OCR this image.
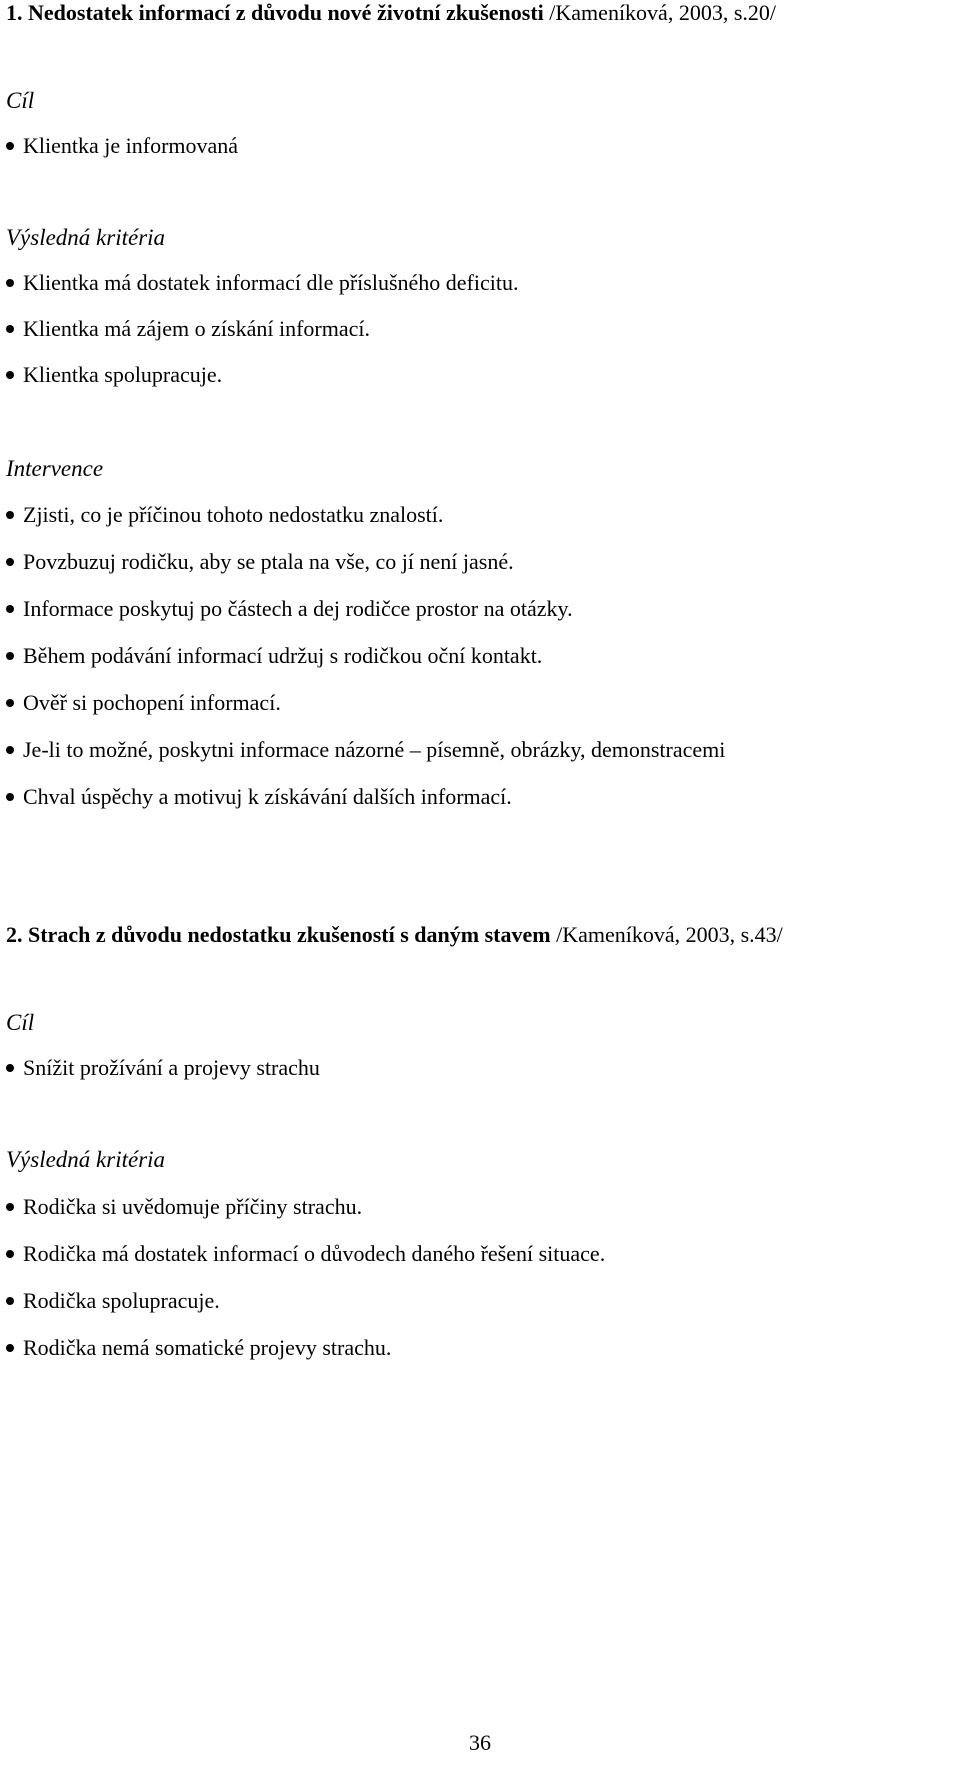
1. Nedostatek informací z důvodu nové životní zkušenosti /Kameníková, 2003, s.20/
Cíl
Klientka je informovaná
Výsledná kritéria
Klientka má dostatek informací dle příslušného deficitu.
Klientka má zájem o získání informací.
Klientka spolupracuje.
Intervence
Zjisti, co je příčinou tohoto nedostatku znalostí.
Povzbuzuj rodičku, aby se ptala na vše, co jí není jasné.
Informace poskytuj po částech a dej rodičce prostor na otázky.
Během podávání informací udržuj s rodičkou oční kontakt.
Ověř si pochopení informací.
Je-li to možné, poskytni informace názorné – písemně, obrázky, demonstracemi
Chval úspěchy a motivuj k získávání dalších informací.
2. Strach z důvodu nedostatku zkušeností s daným stavem /Kameníková, 2003, s.43/
Cíl
Snížit prožívání a projevy strachu
Výsledná kritéria
Rodička si uvědomuje příčiny strachu.
Rodička má dostatek informací o důvodech daného řešení situace.
Rodička spolupracuje.
Rodička nemá somatické projevy strachu.
36
